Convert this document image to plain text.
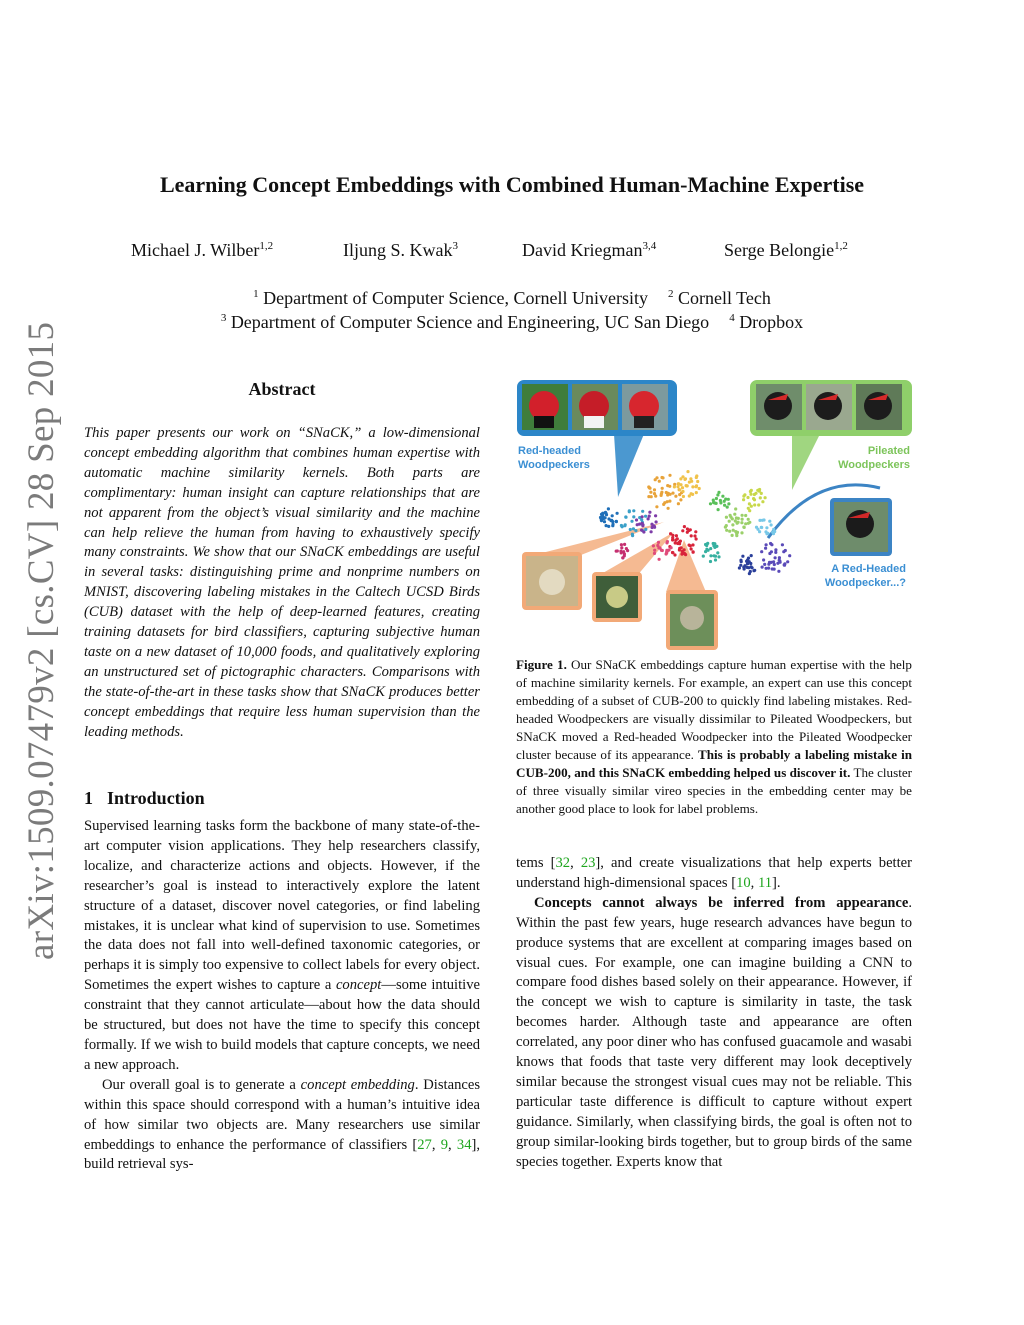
arXiv:1509.07479v2 [cs.CV] 28 Sep 2015
Learning Concept Embeddings with Combined Human-Machine Expertise
Michael J. Wilber$^{1,2}$	Iljung S. Kwak$^3$	David Kriegman$^{3,4}$	Serge Belongie$^{1,2}$
$^1$ Department of Computer Science, Cornell University $^2$ Cornell Tech
$^3$ Department of Computer Science and Engineering, UC San Diego $^4$ Dropbox
Abstract
This paper presents our work on “SNaCK,” a low-dimensional concept embedding algorithm that combines human expertise with automatic machine similarity kernels. Both parts are complimentary: human insight can capture relationships that are not apparent from the object’s visual similarity and the machine can help relieve the human from having to exhaustively specify many constraints. We show that our SNaCK embeddings are useful in several tasks: distinguishing prime and nonprime numbers on MNIST, discovering labeling mistakes in the Caltech UCSD Birds (CUB) dataset with the help of deep-learned features, creating training datasets for bird classifiers, capturing subjective human taste on a new dataset of 10,000 foods, and qualitatively exploring an unstructured set of pictographic characters. Comparisons with the state-of-the-art in these tasks show that SNaCK produces better concept embeddings that require less human supervision than the leading methods.
1 Introduction

Supervised learning tasks form the backbone of many state-of-the-art computer vision applications. They help researchers classify, localize, and characterize actions and objects. However, if the researcher’s goal is instead to interactively explore the latent structure of a dataset, discover novel categories, or find labeling mistakes, it is unclear what kind of supervision to use. Sometimes the data does not fall into well-defined taxonomic categories, or perhaps it is simply too expensive to collect labels for every object. Sometimes the expert wishes to capture a concept—some intuitive constraint that they cannot articulate—about how the data should be structured, but does not have the time to specify this concept formally. If we wish to build models that capture concepts, we need a new approach.

Our overall goal is to generate a concept embedding. Distances within this space should correspond with a human’s intuitive idea of how similar two objects are. Many researchers use similar embeddings to enhance the performance of classifiers [27, 9, 34], build retrieval sys-

Red-headed
Woodpeckers
Pileated
Woodpeckers
A Red-Headed
Woodpecker...?
Figure 1. Our SNaCK embeddings capture human expertise with the help of machine similarity kernels. For example, an expert can use this concept embedding of a subset of CUB-200 to quickly find labeling mistakes. Red-headed Woodpeckers are visually dissimilar to Pileated Woodpeckers, but SNaCK moved a Red-headed Woodpecker into the Pileated Woodpecker cluster because of its appearance. This is probably a labeling mistake in CUB-200, and this SNaCK embedding helped us discover it. The cluster of three visually similar vireo species in the embedding center may be another good place to look for label problems.

tems [32, 23], and create visualizations that help experts better understand high-dimensional spaces [10, 11].

Concepts cannot always be inferred from appearance. Within the past few years, huge research advances have begun to produce systems that are excellent at comparing images based on visual cues. For example, one can imagine building a CNN to compare food dishes based solely on their appearance. However, if the concept we wish to capture is similarity in taste, the task becomes harder. Although taste and appearance are often correlated, any poor diner who has confused guacamole and wasabi knows that foods that taste very different may look deceptively similar because the strongest visual cues may not be reliable. This particular taste difference is difficult to capture without expert guidance. Similarly, when classifying birds, the goal is often not to group similar-looking birds together, but to group birds of the same species together. Experts know that
